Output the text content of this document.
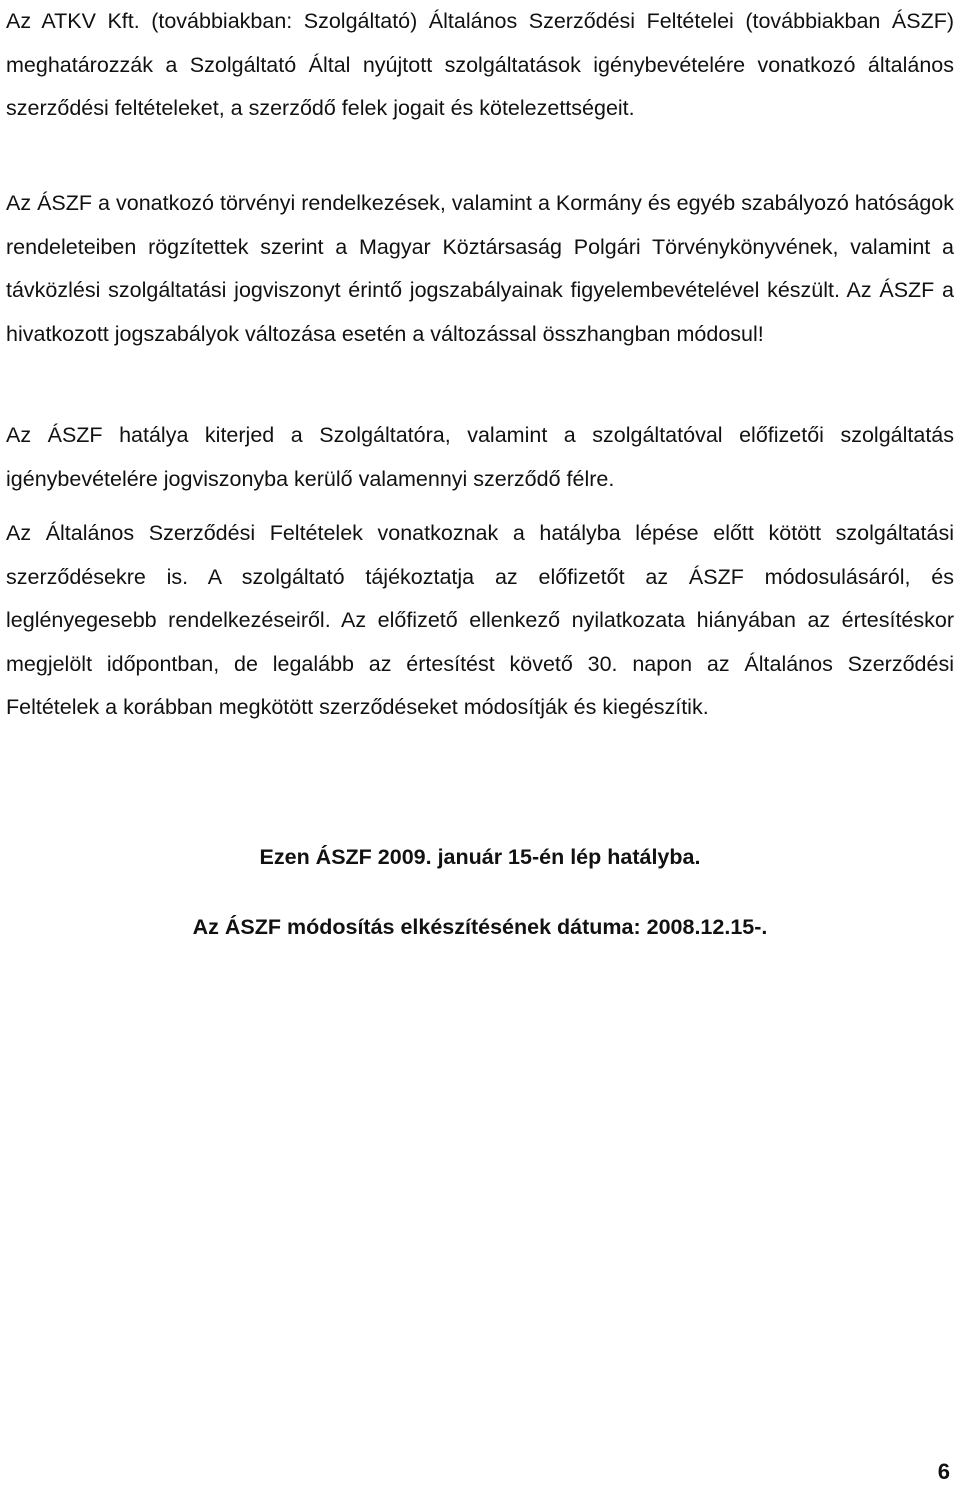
Az ATKV Kft. (továbbiakban: Szolgáltató) Általános Szerződési Feltételei (továbbiakban ÁSZF) meghatározzák a Szolgáltató Által nyújtott szolgáltatások igénybevételére vonatkozó általános szerződési feltételeket, a szerződő felek jogait és kötelezettségeit.

Az ÁSZF a vonatkozó törvényi rendelkezések, valamint a Kormány és egyéb szabályozó hatóságok rendeleteiben rögzítettek szerint a Magyar Köztársaság Polgári Törvénykönyvének, valamint a távközlési szolgáltatási jogviszonyt érintő jogszabályainak figyelembevételével készült. Az ÁSZF a hivatkozott jogszabályok változása esetén a változással összhangban módosul!

Az ÁSZF hatálya kiterjed a Szolgáltatóra, valamint a szolgáltatóval előfizetői szolgáltatás igénybevételére jogviszonyba kerülő valamennyi szerződő félre.

Az Általános Szerződési Feltételek vonatkoznak a hatályba lépése előtt kötött szolgáltatási szerződésekre is. A szolgáltató tájékoztatja az előfizetőt az ÁSZF módosulásáról, és leglényegesebb rendelkezéseiről. Az előfizető ellenkező nyilatkozata hiányában az értesítéskor megjelölt időpontban, de legalább az értesítést követő 30. napon az Általános Szerződési Feltételek a korábban megkötött szerződéseket módosítják és kiegészítik.

Ezen ÁSZF 2009. január 15-én lép hatályba.

Az ÁSZF módosítás elkészítésének dátuma: 2008.12.15-.

6
